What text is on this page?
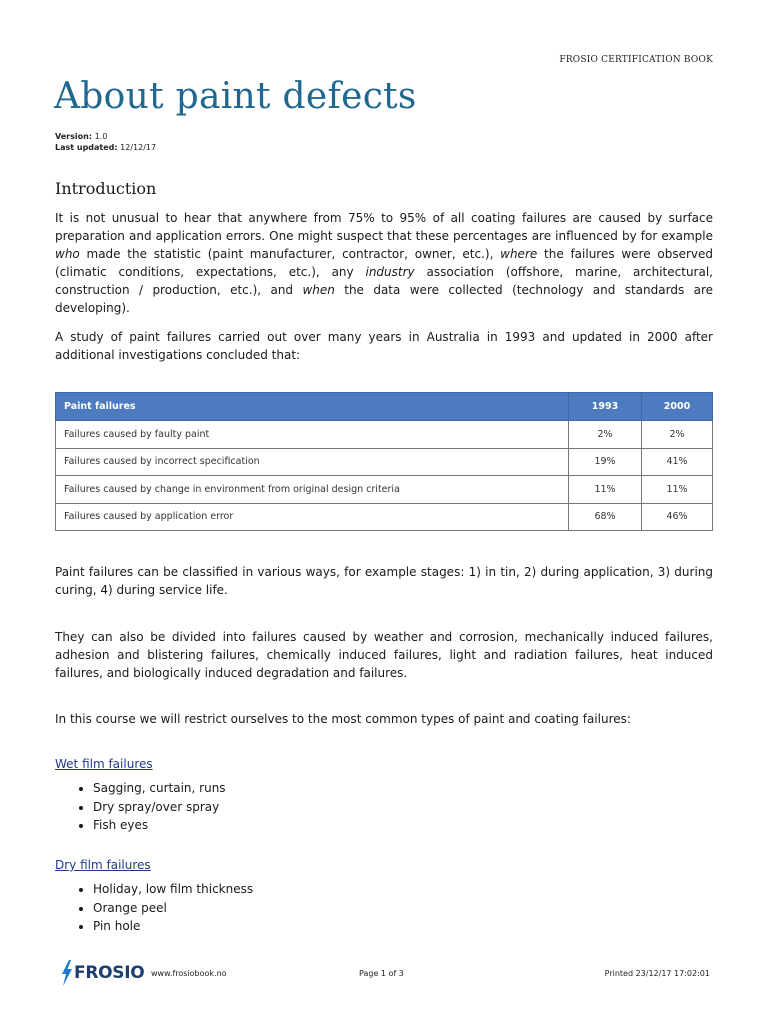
FROSIO CERTIFICATION BOOK
About paint defects
Version: 1.0
Last updated: 12/12/17
Introduction

It is not unusual to hear that anywhere from 75% to 95% of all coating failures are caused by surface preparation and application errors. One might suspect that these percentages are influenced by for example who made the statistic (paint manufacturer, contractor, owner, etc.), where the failures were observed (climatic conditions, expectations, etc.), any industry association (offshore, marine, architectural, construction / production, etc.), and when the data were collected (technology and standards are developing).

A study of paint failures carried out over many years in Australia in 1993 and updated in 2000 after additional investigations concluded that:

Paint failures	1993	2000
Failures caused by faulty paint	2%	2%
Failures caused by incorrect specification	19%	41%
Failures caused by change in environment from original design criteria	11%	11%
Failures caused by application error	68%	46%

Paint failures can be classified in various ways, for example stages: 1) in tin, 2) during application, 3) during curing, 4) during service life.

They can also be divided into failures caused by weather and corrosion, mechanically induced failures, adhesion and blistering failures, chemically induced failures, light and radiation failures, heat induced failures, and biologically induced degradation and failures.

In this course we will restrict ourselves to the most common types of paint and coating failures:

Wet film failures
• Sagging, curtain, runs
• Dry spray/over spray
• Fish eyes
Dry film failures
• Holiday, low film thickness
• Orange peel
• Pin hole
FROSIO www.frosiobook.no	Page 1 of 3	Printed 23/12/17 17:02:01
